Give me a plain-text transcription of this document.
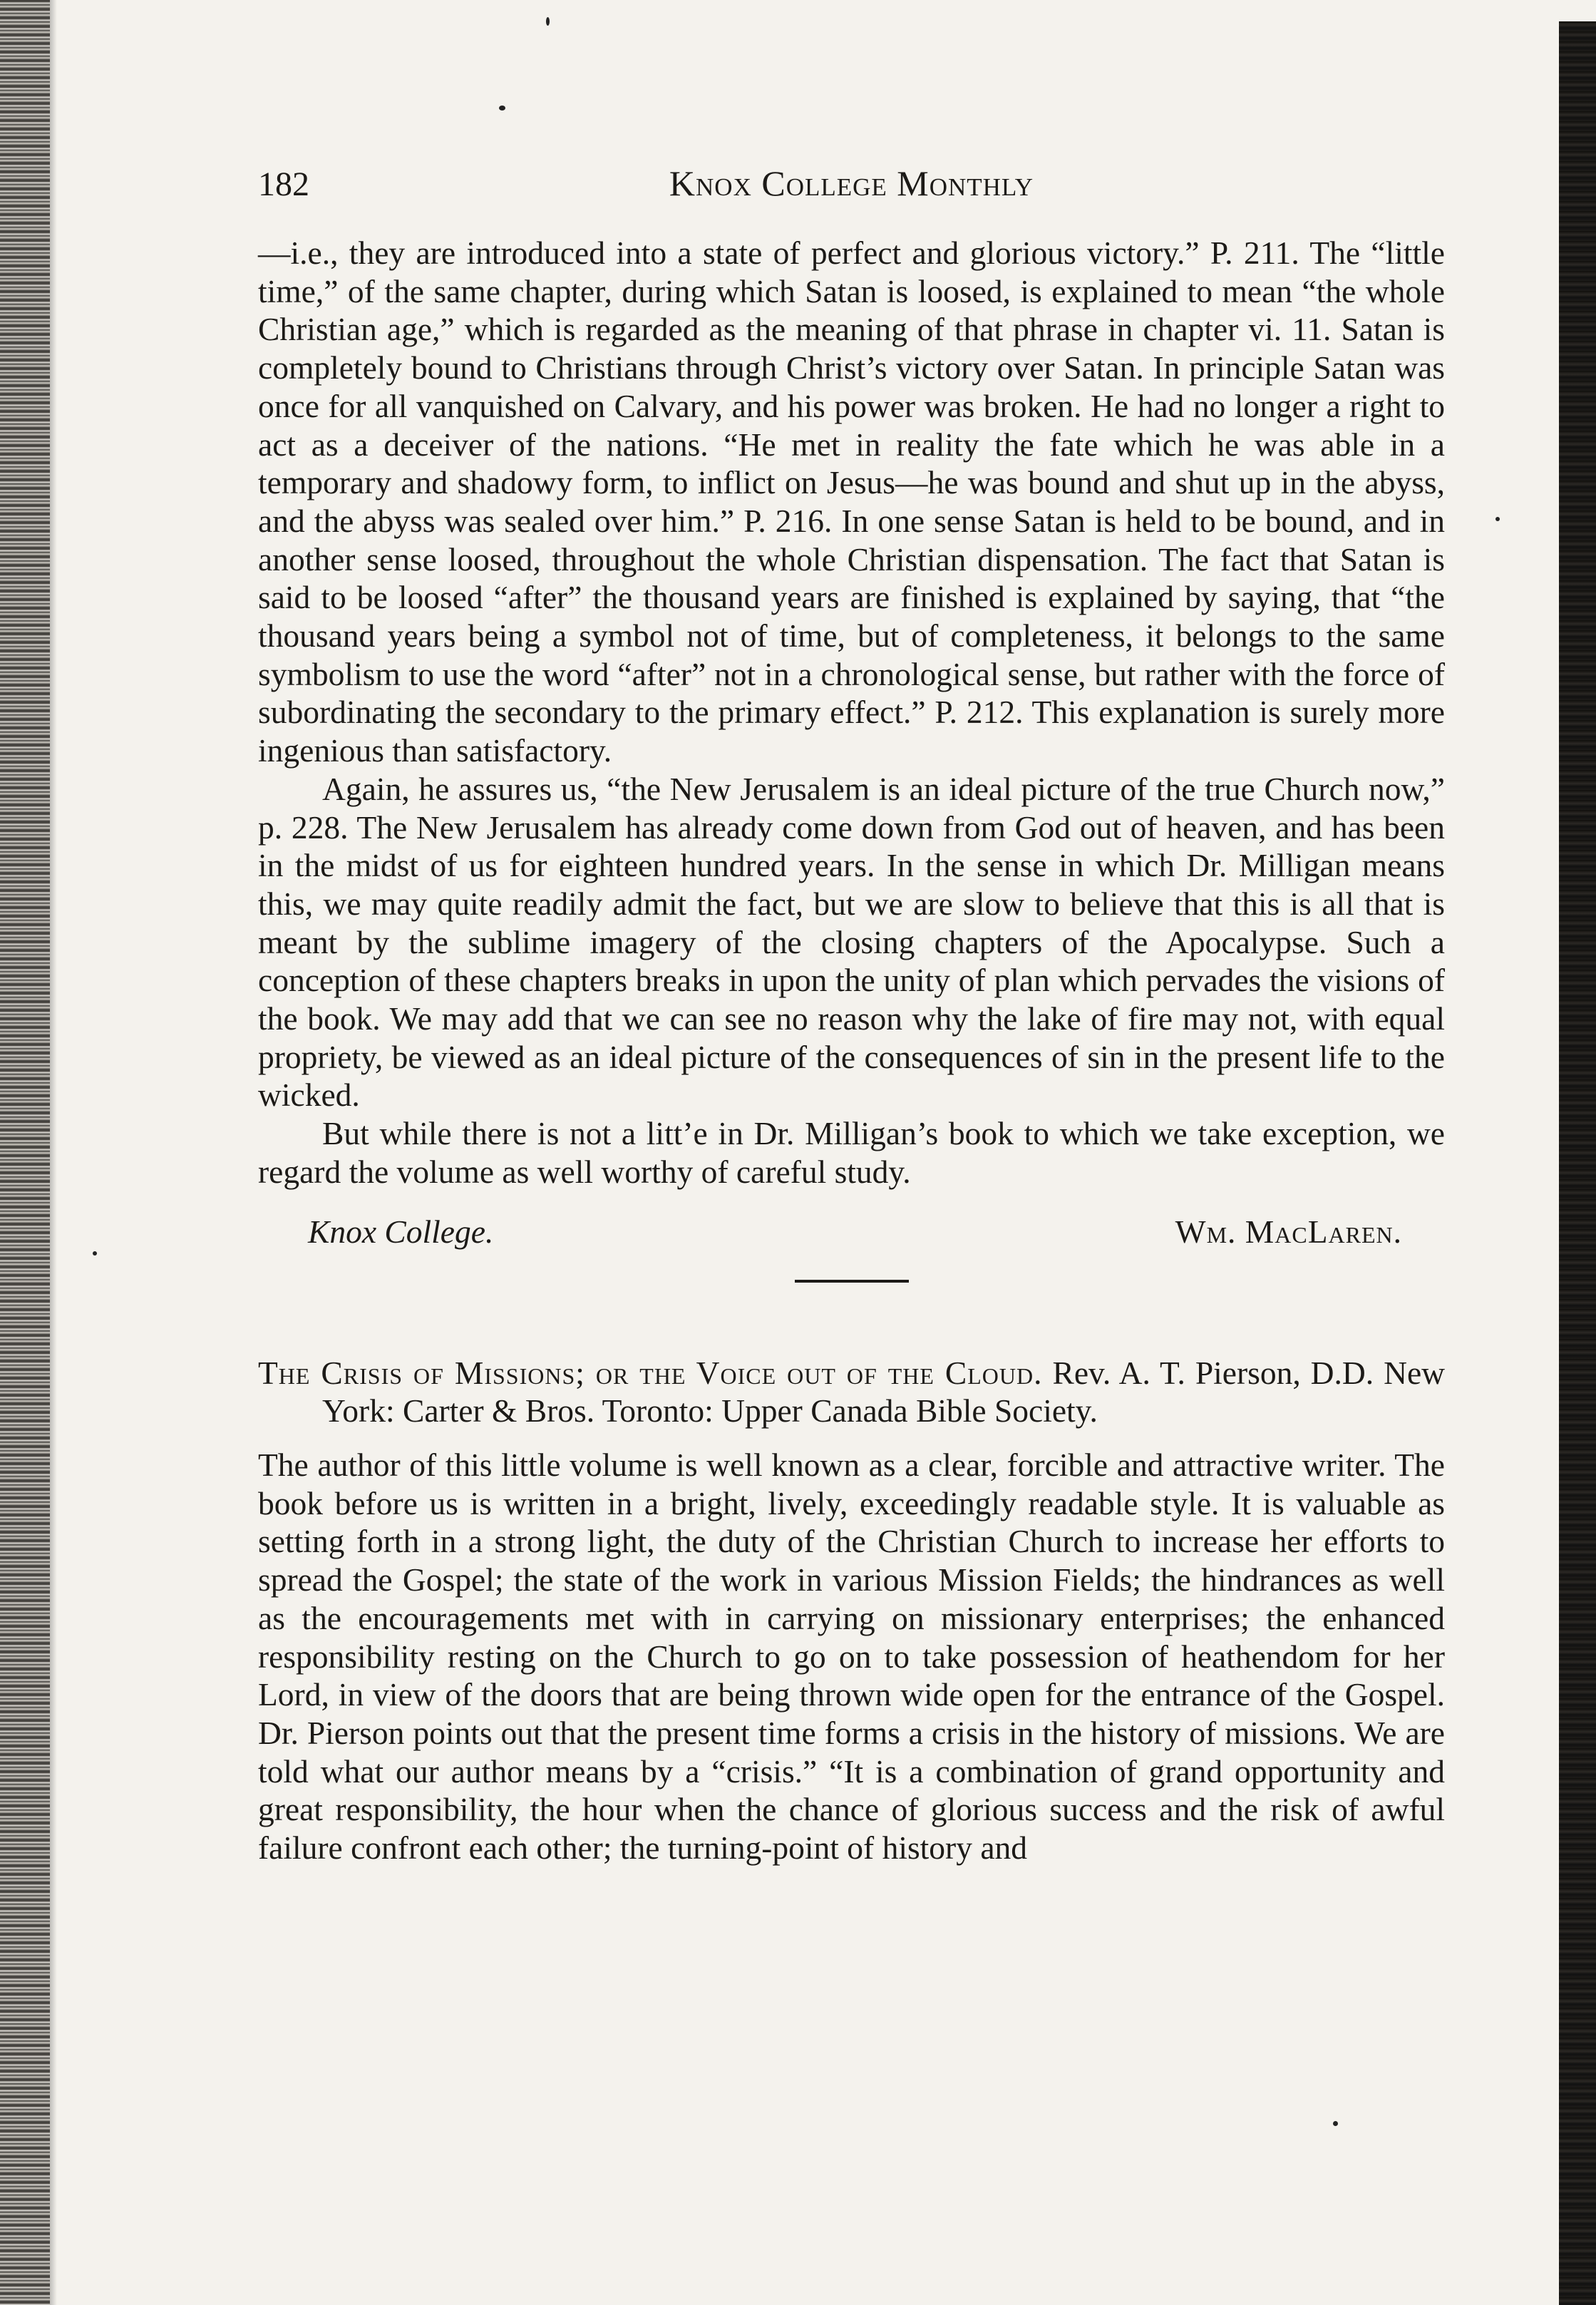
182	Knox College Monthly

—i.e., they are introduced into a state of perfect and glorious victory.” P. 211. The “little time,” of the same chapter, during which Satan is loosed, is explained to mean “the whole Christian age,” which is regarded as the meaning of that phrase in chapter vi. 11. Satan is completely bound to Christians through Christ’s victory over Satan. In principle Satan was once for all vanquished on Calvary, and his power was broken. He had no longer a right to act as a deceiver of the nations. “He met in reality the fate which he was able in a temporary and shadowy form, to inflict on Jesus—he was bound and shut up in the abyss, and the abyss was sealed over him.” P. 216. In one sense Satan is held to be bound, and in another sense loosed, throughout the whole Christian dispensation. The fact that Satan is said to be loosed “after” the thousand years are finished is explained by saying, that “the thousand years being a symbol not of time, but of completeness, it belongs to the same symbolism to use the word “after” not in a chronological sense, but rather with the force of subordinating the secondary to the primary effect.” P. 212. This explanation is surely more ingenious than satisfactory.

Again, he assures us, “the New Jerusalem is an ideal picture of the true Church now,” p. 228. The New Jerusalem has already come down from God out of heaven, and has been in the midst of us for eighteen hundred years. In the sense in which Dr. Milligan means this, we may quite readily admit the fact, but we are slow to believe that this is all that is meant by the sublime imagery of the closing chapters of the Apocalypse. Such a conception of these chapters breaks in upon the unity of plan which pervades the visions of the book. We may add that we can see no reason why the lake of fire may not, with equal propriety, be viewed as an ideal picture of the consequences of sin in the present life to the wicked.

But while there is not a litt’e in Dr. Milligan’s book to which we take exception, we regard the volume as well worthy of careful study.

Knox College.	Wm. MacLaren.
The Crisis of Missions; or the Voice out of the Cloud. Rev. A. T. Pierson, D.D. New York: Carter & Bros. Toronto: Upper Canada Bible Society.

The author of this little volume is well known as a clear, forcible and attractive writer. The book before us is written in a bright, lively, exceedingly readable style. It is valuable as setting forth in a strong light, the duty of the Christian Church to increase her efforts to spread the Gospel; the state of the work in various Mission Fields; the hindrances as well as the encouragements met with in carrying on missionary enterprises; the enhanced responsibility resting on the Church to go on to take possession of heathendom for her Lord, in view of the doors that are being thrown wide open for the entrance of the Gospel. Dr. Pierson points out that the present time forms a crisis in the history of missions. We are told what our author means by a “crisis.” “It is a combination of grand opportunity and great responsibility, the hour when the chance of glorious success and the risk of awful failure confront each other; the turning-point of history and
